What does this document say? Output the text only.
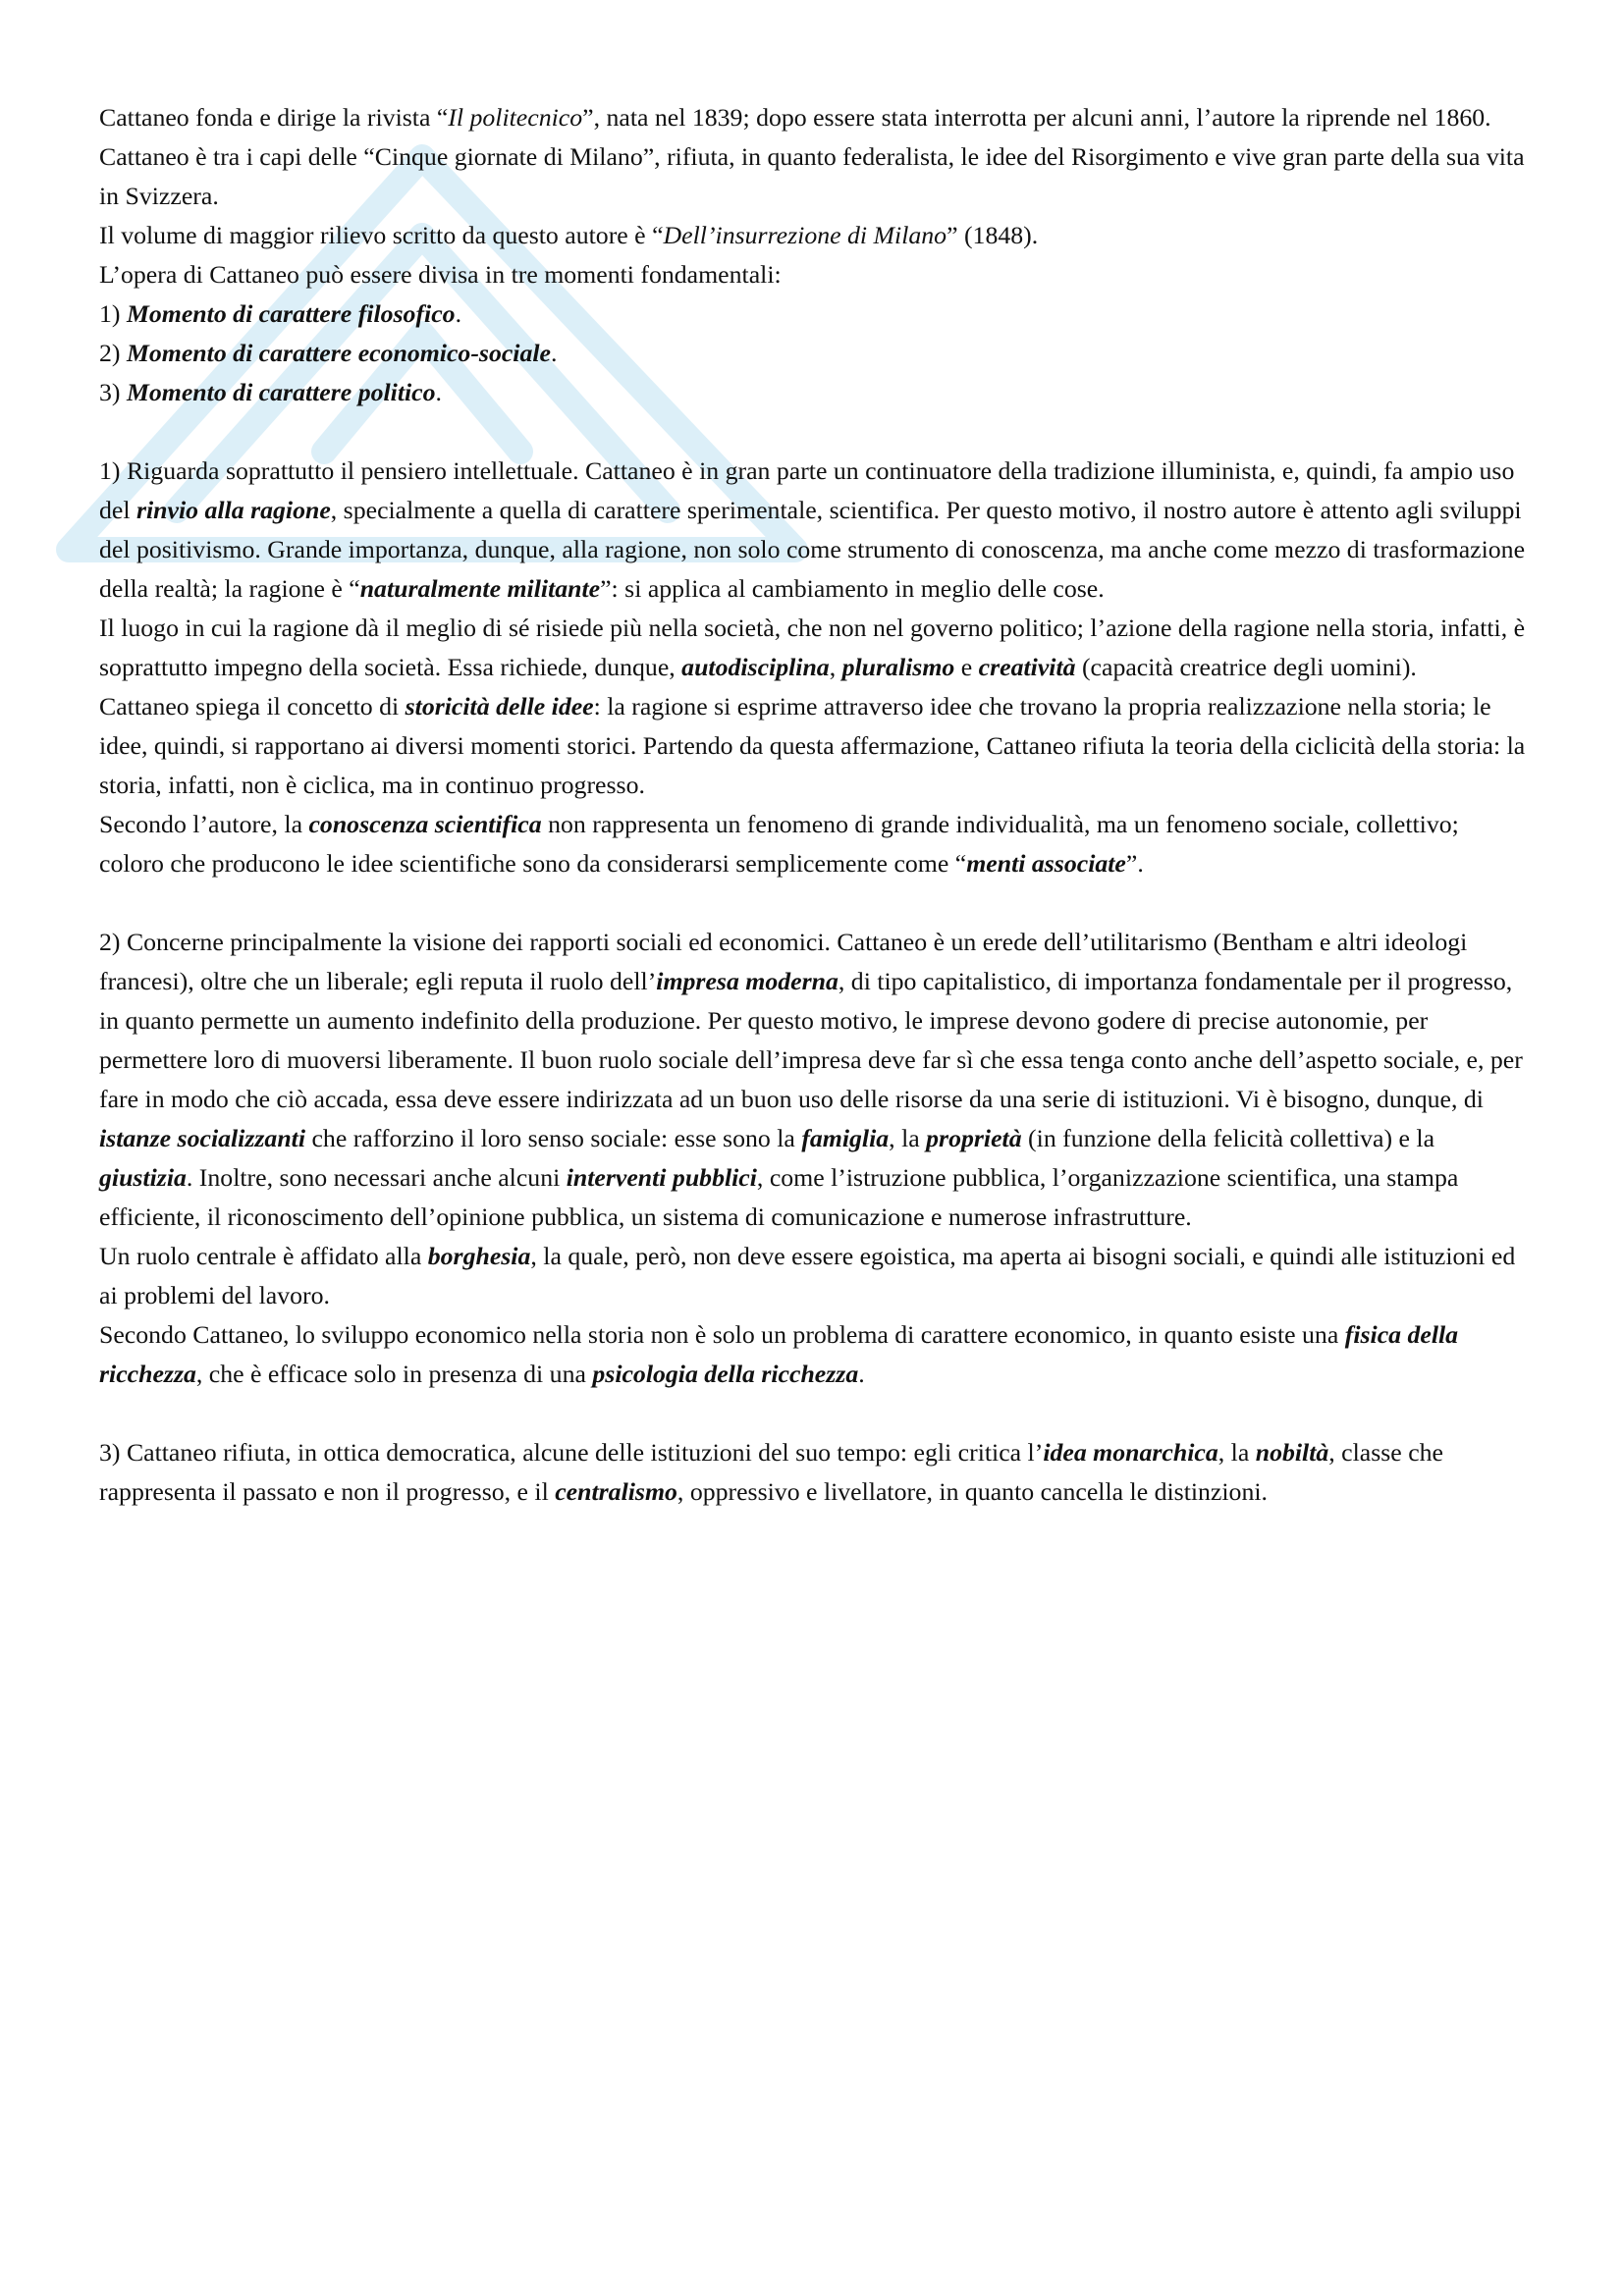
Cattaneo fonda e dirige la rivista “Il politecnico”, nata nel 1839; dopo essere stata interrotta per alcuni anni, l’autore la riprende nel 1860.

Cattaneo è tra i capi delle “Cinque giornate di Milano”, rifiuta, in quanto federalista, le idee del Risorgimento e vive gran parte della sua vita in Svizzera.

Il volume di maggior rilievo scritto da questo autore è “Dell’insurrezione di Milano” (1848).

L’opera di Cattaneo può essere divisa in tre momenti fondamentali:

1) Momento di carattere filosofico.

2) Momento di carattere economico-sociale.

3) Momento di carattere politico.

1) Riguarda soprattutto il pensiero intellettuale. Cattaneo è in gran parte un continuatore della tradizione illuminista, e, quindi, fa ampio uso del rinvio alla ragione, specialmente a quella di carattere sperimentale, scientifica. Per questo motivo, il nostro autore è attento agli sviluppi del positivismo. Grande importanza, dunque, alla ragione, non solo come strumento di conoscenza, ma anche come mezzo di trasformazione della realtà; la ragione è “naturalmente militante”: si applica al cambiamento in meglio delle cose.

Il luogo in cui la ragione dà il meglio di sé risiede più nella società, che non nel governo politico; l’azione della ragione nella storia, infatti, è soprattutto impegno della società. Essa richiede, dunque, autodisciplina, pluralismo e creatività (capacità creatrice degli uomini).

Cattaneo spiega il concetto di storicità delle idee: la ragione si esprime attraverso idee che trovano la propria realizzazione nella storia; le idee, quindi, si rapportano ai diversi momenti storici. Partendo da questa affermazione, Cattaneo rifiuta la teoria della ciclicità della storia: la storia, infatti, non è ciclica, ma in continuo progresso.

Secondo l’autore, la conoscenza scientifica non rappresenta un fenomeno di grande individualità, ma un fenomeno sociale, collettivo; coloro che producono le idee scientifiche sono da considerarsi semplicemente come “menti associate”.

2) Concerne principalmente la visione dei rapporti sociali ed economici. Cattaneo è un erede dell’utilitarismo (Bentham e altri ideologi francesi), oltre che un liberale; egli reputa il ruolo dell’impresa moderna, di tipo capitalistico, di importanza fondamentale per il progresso, in quanto permette un aumento indefinito della produzione. Per questo motivo, le imprese devono godere di precise autonomie, per permettere loro di muoversi liberamente. Il buon ruolo sociale dell’impresa deve far sì che essa tenga conto anche dell’aspetto sociale, e, per fare in modo che ciò accada, essa deve essere indirizzata ad un buon uso delle risorse da una serie di istituzioni. Vi è bisogno, dunque, di istanze socializzanti che rafforzino il loro senso sociale: esse sono la famiglia, la proprietà (in funzione della felicità collettiva) e la giustizia. Inoltre, sono necessari anche alcuni interventi pubblici, come l’istruzione pubblica, l’organizzazione scientifica, una stampa efficiente, il riconoscimento dell’opinione pubblica, un sistema di comunicazione e numerose infrastrutture.

Un ruolo centrale è affidato alla borghesia, la quale, però, non deve essere egoistica, ma aperta ai bisogni sociali, e quindi alle istituzioni ed ai problemi del lavoro.

Secondo Cattaneo, lo sviluppo economico nella storia non è solo un problema di carattere economico, in quanto esiste una fisica della ricchezza, che è efficace solo in presenza di una psicologia della ricchezza.

3) Cattaneo rifiuta, in ottica democratica, alcune delle istituzioni del suo tempo: egli critica l’idea monarchica, la nobiltà, classe che rappresenta il passato e non il progresso, e il centralismo, oppressivo e livellatore, in quanto cancella le distinzioni.
